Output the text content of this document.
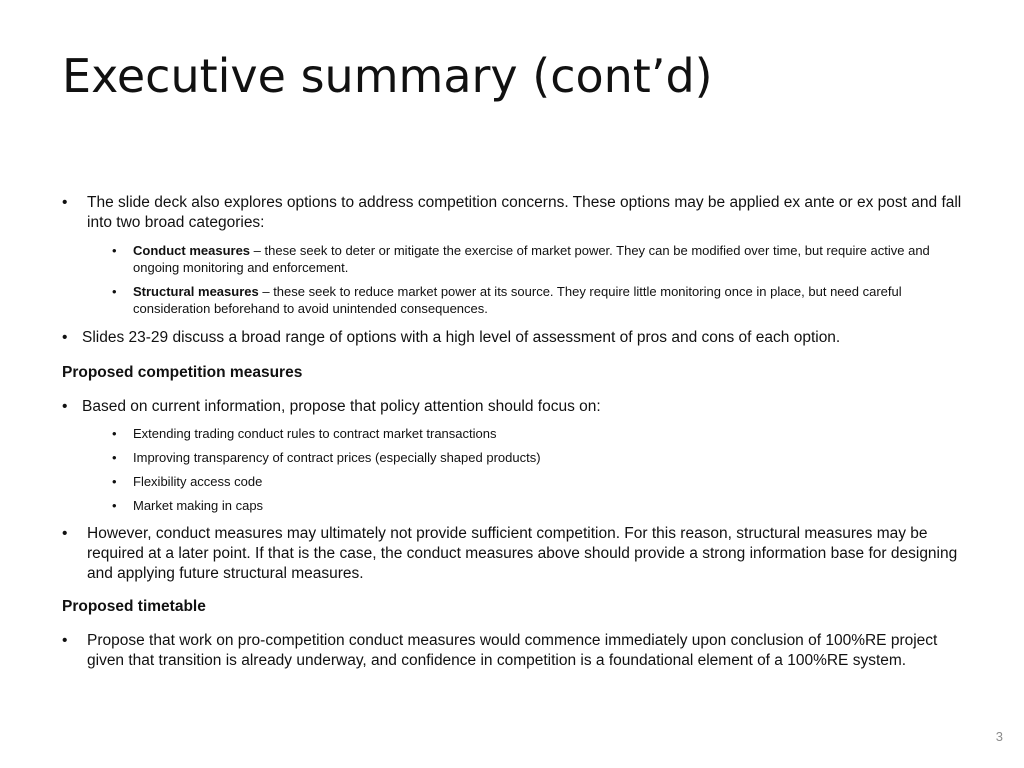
Executive summary (cont’d)
• The slide deck also explores options to address competition concerns. These options may be applied ex ante or ex post and fall into two broad categories:
• Conduct measures – these seek to deter or mitigate the exercise of market power. They can be modified over time, but require active and ongoing monitoring and enforcement.
• Structural measures – these seek to reduce market power at its source. They require little monitoring once in place, but need careful consideration beforehand to avoid unintended consequences.
• Slides 23-29 discuss a broad range of options with a high level of assessment of pros and cons of each option.
Proposed competition measures
• Based on current information, propose that policy attention should focus on:
• Extending trading conduct rules to contract market transactions
• Improving transparency of contract prices (especially shaped products)
• Flexibility access code
• Market making in caps
• However, conduct measures may ultimately not provide sufficient competition. For this reason, structural measures may be required at a later point. If that is the case, the conduct measures above should provide a strong information base for designing and applying future structural measures.
Proposed timetable
• Propose that work on pro-competition conduct measures would commence immediately upon conclusion of 100%RE project given that transition is already underway, and confidence in competition is a foundational element of a 100%RE system.
3
